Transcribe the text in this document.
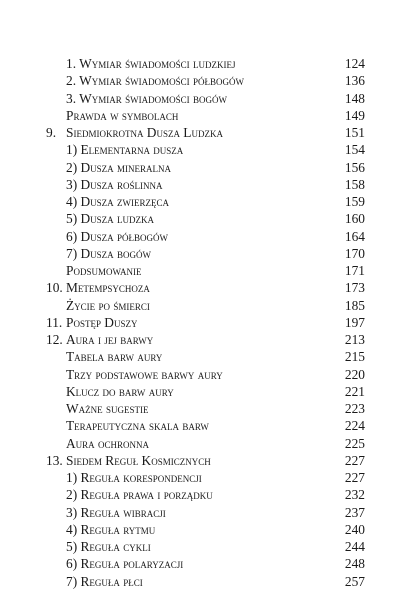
1. Wymiar świadomości ludzkiej	124
2. Wymiar świadomości półbogów	136
3. Wymiar świadomości bogów	148
Prawda w symbolach	149
9. Siedmiokrotna Dusza Ludzka	151
1) Elementarna dusza	154
2) Dusza mineralna	156
3) Dusza roślinna	158
4) Dusza zwierzęca	159
5) Dusza ludzka	160
6) Dusza półbogów	164
7) Dusza bogów	170
Podsumowanie	171
10. Metempsychoza	173
Życie po śmierci	185
11. Postęp Duszy	197
12. Aura i jej barwy	213
Tabela barw aury	215
Trzy podstawowe barwy aury	220
Klucz do barw aury	221
Ważne sugestie	223
Terapeutyczna skala barw	224
Aura ochronna	225
13. Siedem Reguł Kosmicznych	227
1) Reguła korespondencji	227
2) Reguła prawa i porządku	232
3) Reguła wibracji	237
4) Reguła rytmu	240
5) Reguła cykli	244
6) Reguła polaryzacji	248
7) Reguła płci	257
